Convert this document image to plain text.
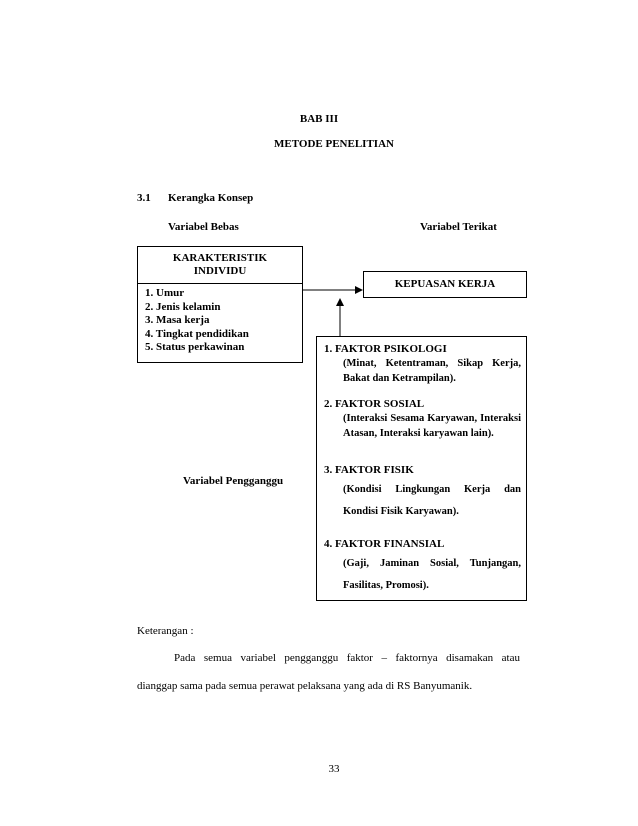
BAB III
METODE PENELITIAN
3.1 Kerangka Konsep
Variabel Bebas	Variabel Terikat
KARAKTERISTIK
INDIVIDU
1. Umur
2. Jenis kelamin
3. Masa kerja
4. Tingkat pendidikan
5. Status perkawinan
KEPUASAN KERJA
1. FAKTOR PSIKOLOGI
(Minat, Ketentraman, Sikap Kerja, Bakat dan Ketrampilan).
2. FAKTOR SOSIAL
(Interaksi Sesama Karyawan, Interaksi Atasan, Interaksi karyawan lain).
3. FAKTOR FISIK
(Kondisi Lingkungan Kerja dan Kondisi Fisik Karyawan).
4. FAKTOR FINANSIAL
(Gaji, Jaminan Sosial, Tunjangan, Fasilitas, Promosi).
Variabel Pengganggu
Keterangan :
Pada semua variabel pengganggu faktor – faktornya disamakan atau
dianggap sama pada semua perawat pelaksana yang ada di RS Banyumanik.
33
